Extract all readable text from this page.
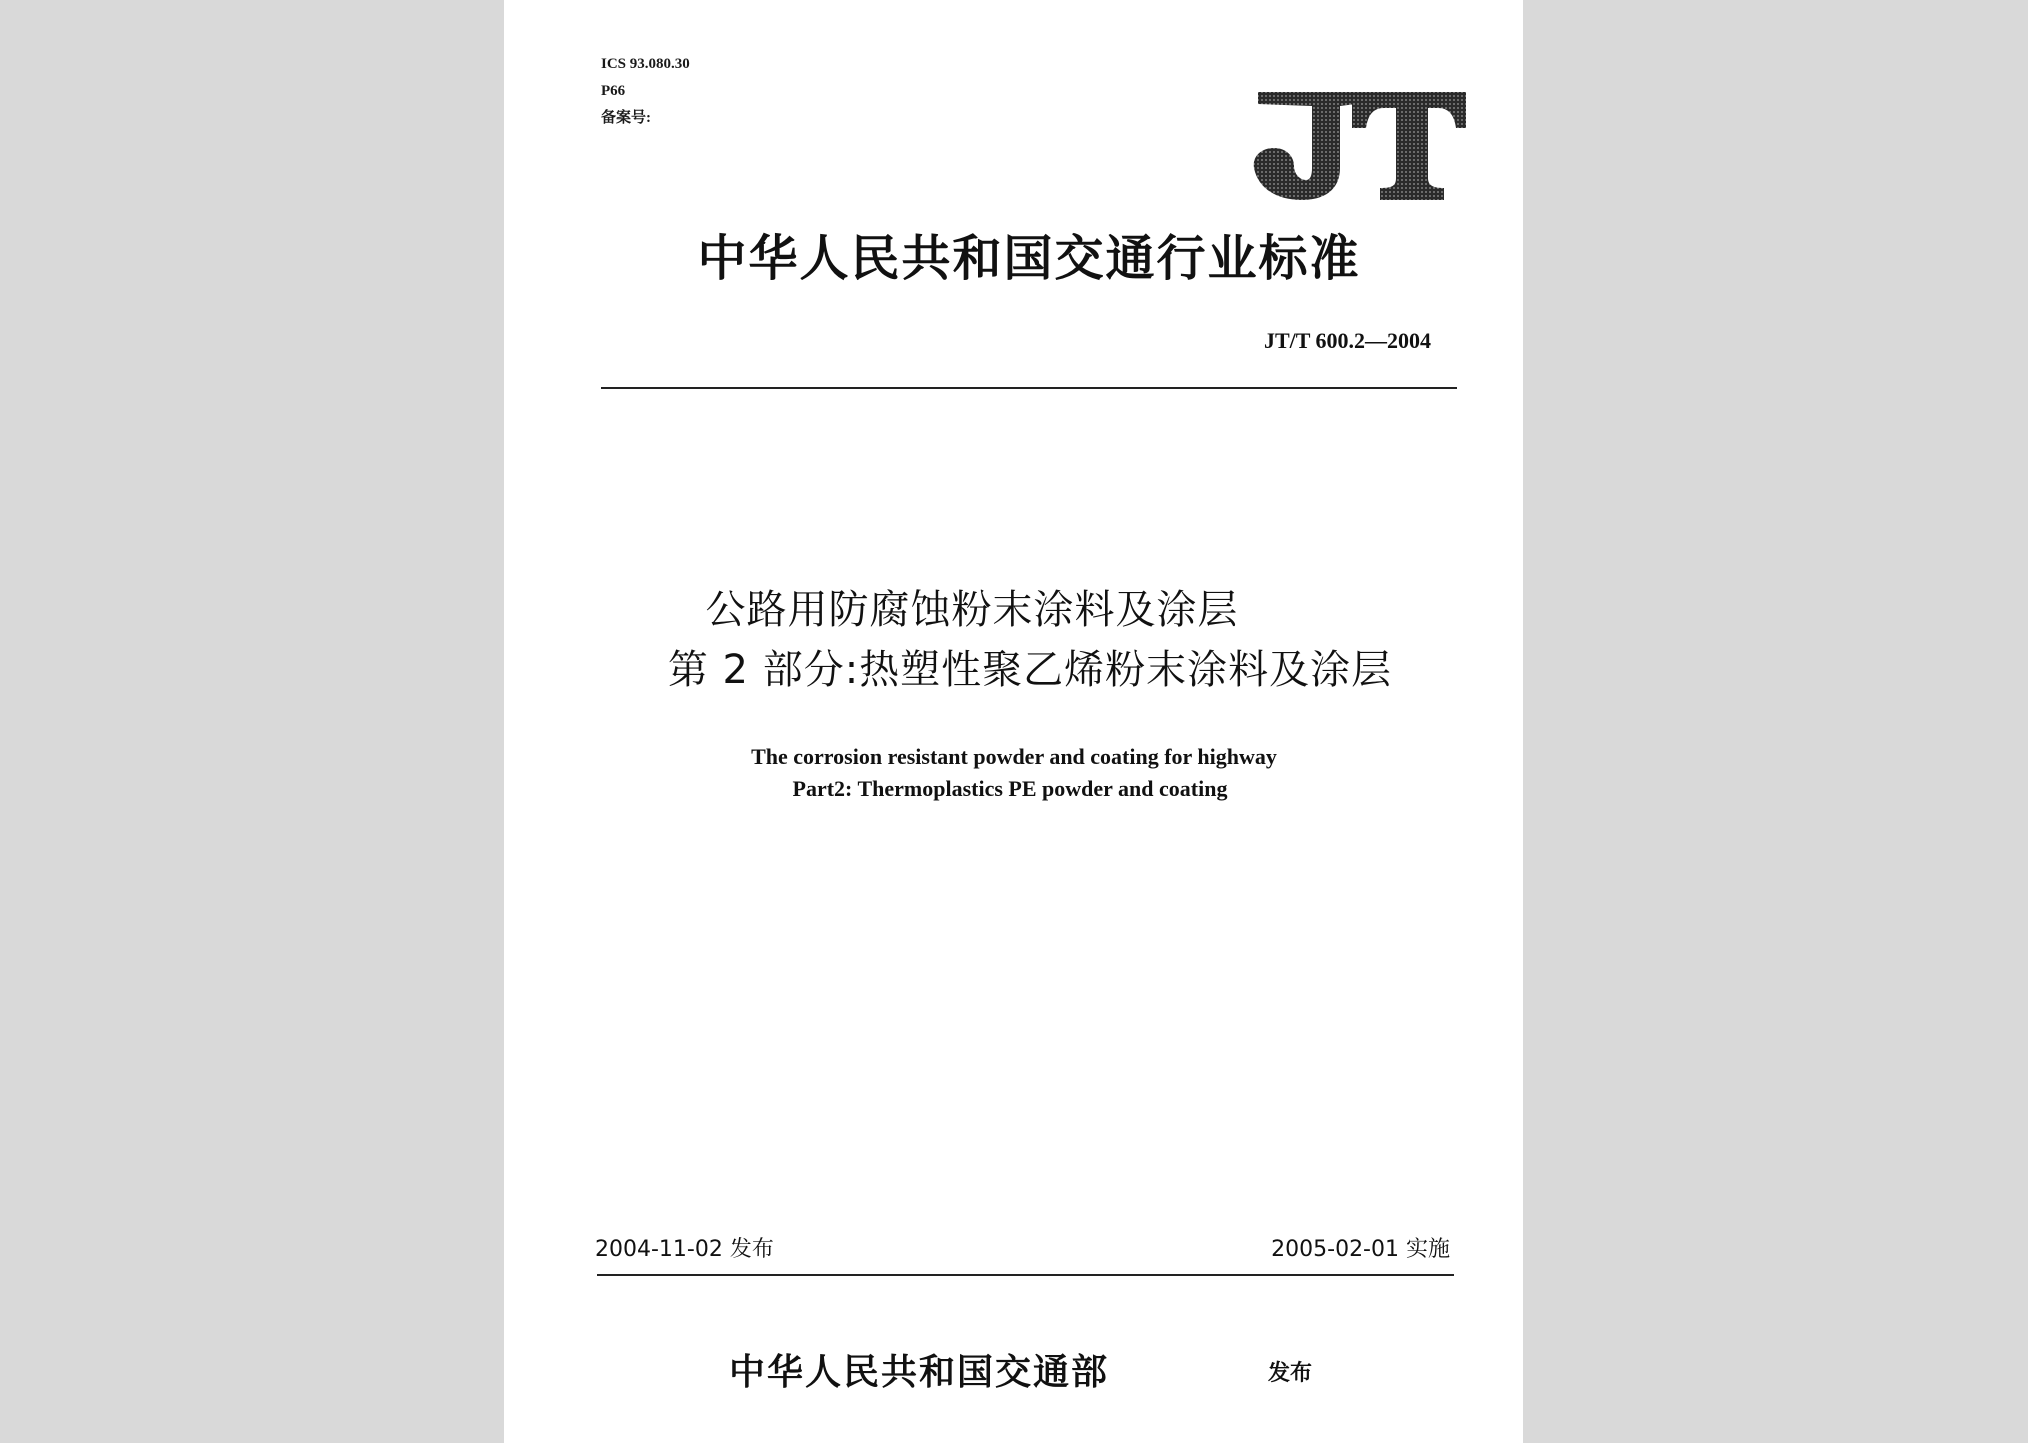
ICS 93.080.30
P66
备案号:
中华人民共和国交通行业标准
JT/T 600.2—2004
公路用防腐蚀粉末涂料及涂层
第 2 部分:热塑性聚乙烯粉末涂料及涂层
The corrosion resistant powder and coating for highway
Part2: Thermoplastics PE powder and coating
2004-11-02 发布	2005-02-01 实施
中华人民共和国交通部	发布
